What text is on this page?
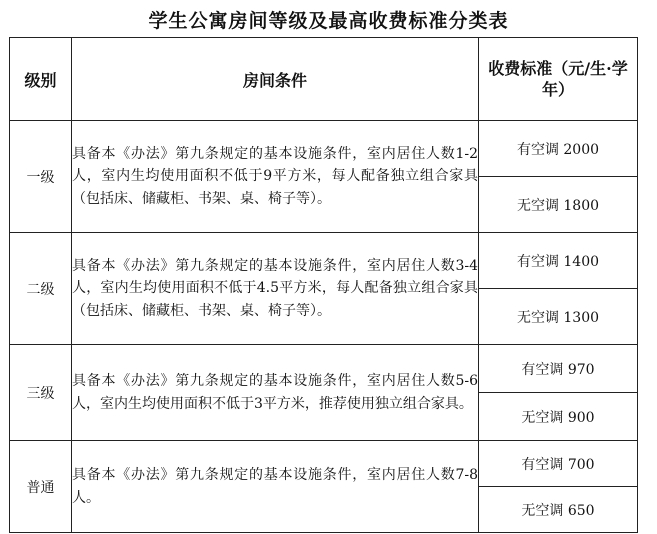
学生公寓房间等级及最高收费标准分类表
级别	房间条件	收费标准（元/生·学年）
一级	具备本《办法》第九条规定的基本设施条件，室内居住人数1-2人，室内生均使用面积不低于9平方米，每人配备独立组合家具（包括床、储藏柜、书架、桌、椅子等）。	有空调 2000
		无空调 1800
二级	具备本《办法》第九条规定的基本设施条件，室内居住人数3-4人，室内生均使用面积不低于4.5平方米，每人配备独立组合家具（包括床、储藏柜、书架、桌、椅子等）。	有空调 1400
		无空调 1300
三级	具备本《办法》第九条规定的基本设施条件，室内居住人数5-6人，室内生均使用面积不低于3平方米，推荐使用独立组合家具。	有空调 970
		无空调 900
普通	具备本《办法》第九条规定的基本设施条件，室内居住人数7-8人。	有空调 700
		无空调 650
